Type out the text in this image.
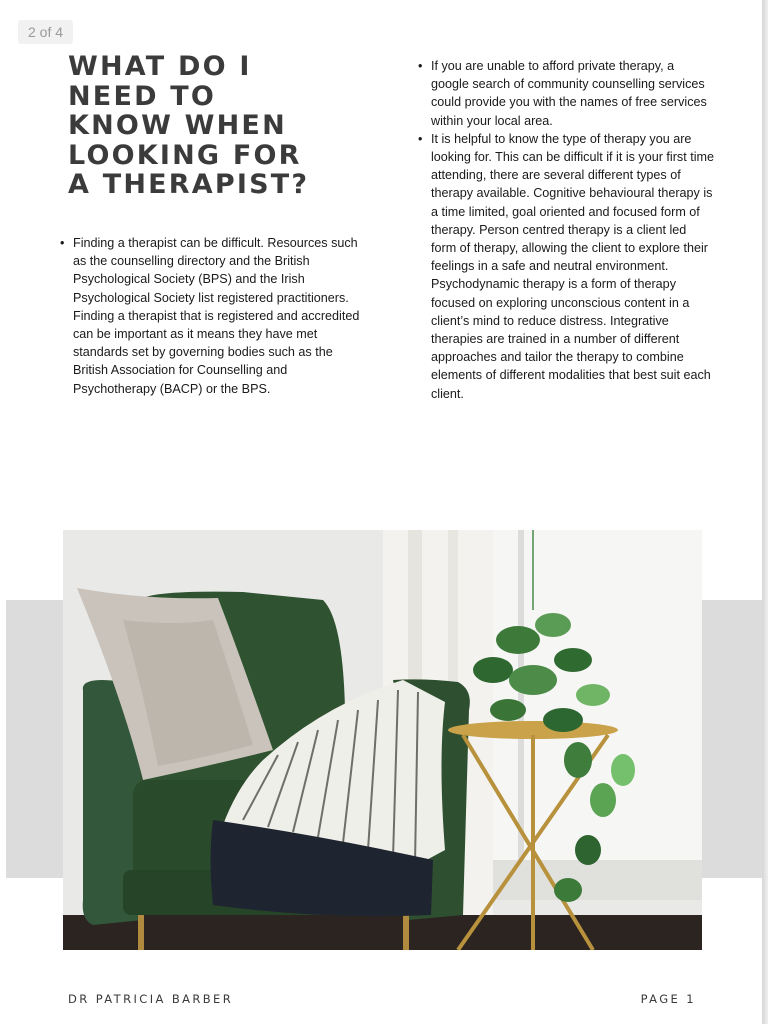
2 of 4
WHAT DO I
NEED TO
KNOW WHEN
LOOKING FOR
A THERAPIST?
• Finding a therapist can be difficult. Resources such as the counselling directory and the British Psychological Society (BPS) and the Irish Psychological Society list registered practitioners. Finding a therapist that is registered and accredited can be important as it means they have met standards set by governing bodies such as the British Association for Counselling and Psychotherapy (BACP) or the BPS.
• If you are unable to afford private therapy, a google search of community counselling services could provide you with the names of free services within your local area.
• It is helpful to know the type of therapy you are looking for. This can be difficult if it is your first time attending, there are several different types of therapy available. Cognitive behavioural therapy is a time limited, goal oriented and focused form of therapy. Person centred therapy is a client led form of therapy, allowing the client to explore their feelings in a safe and neutral environment. Psychodynamic therapy is a form of therapy focused on exploring unconscious content in a client’s mind to reduce distress. Integrative therapies are trained in a number of different approaches and tailor the therapy to combine elements of different modalities that best suit each client.
DR PATRICIA BARBER	PAGE 1
